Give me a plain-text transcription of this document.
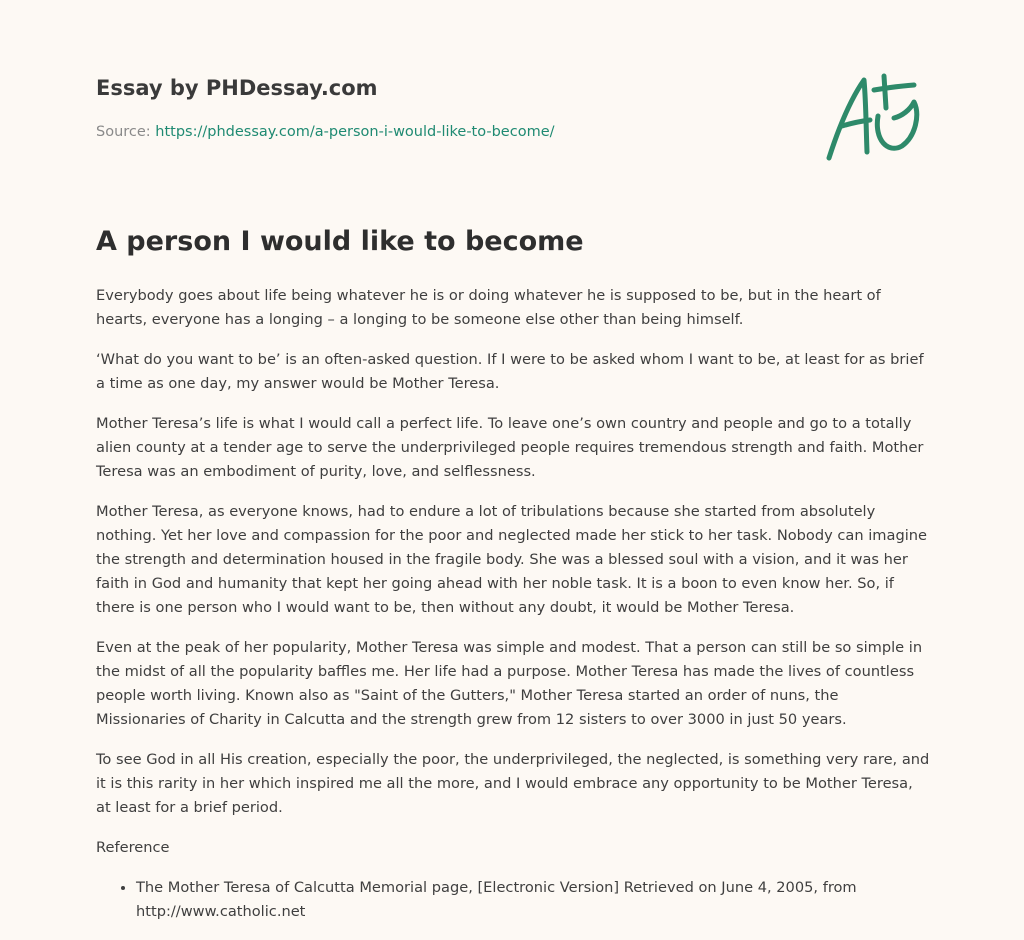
Essay by PHDessay.com
Source: https://phdessay.com/a-person-i-would-like-to-become/
A person I would like to become

Everybody goes about life being whatever he is or doing whatever he is supposed to be, but in the heart of hearts, everyone has a longing – a longing to be someone else other than being himself.

‘What do you want to be’ is an often-asked question. If I were to be asked whom I want to be, at least for as brief a time as one day, my answer would be Mother Teresa.

Mother Teresa’s life is what I would call a perfect life. To leave one’s own country and people and go to a totally alien county at a tender age to serve the underprivileged people requires tremendous strength and faith. Mother Teresa was an embodiment of purity, love, and selflessness.

Mother Teresa, as everyone knows, had to endure a lot of tribulations because she started from absolutely nothing. Yet her love and compassion for the poor and neglected made her stick to her task. Nobody can imagine the strength and determination housed in the fragile body. She was a blessed soul with a vision, and it was her faith in God and humanity that kept her going ahead with her noble task. It is a boon to even know her. So, if there is one person who I would want to be, then without any doubt, it would be Mother Teresa.

Even at the peak of her popularity, Mother Teresa was simple and modest. That a person can still be so simple in the midst of all the popularity baffles me. Her life had a purpose. Mother Teresa has made the lives of countless people worth living. Known also as "Saint of the Gutters," Mother Teresa started an order of nuns, the Missionaries of Charity in Calcutta and the strength grew from 12 sisters to over 3000 in just 50 years.

To see God in all His creation, especially the poor, the underprivileged, the neglected, is something very rare, and it is this rarity in her which inspired me all the more, and I would embrace any opportunity to be Mother Teresa, at least for a brief period.

Reference

• The Mother Teresa of Calcutta Memorial page, [Electronic Version] Retrieved on June 4, 2005, from http://www.catholic.net
